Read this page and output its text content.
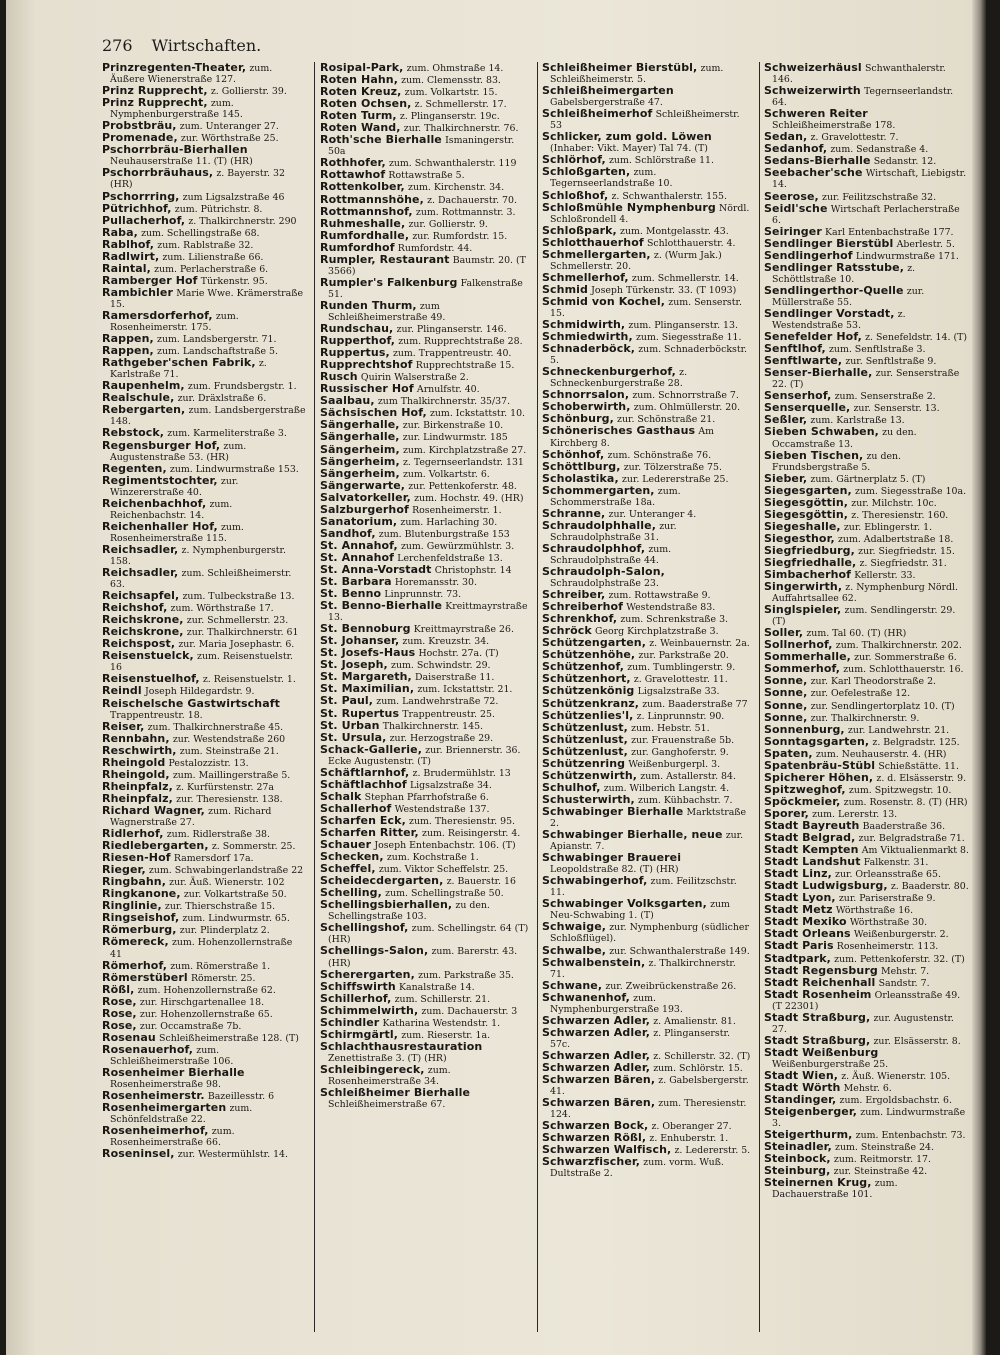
276 Wirtschaften.
Prinzregenten-Theater, zum. Äußere Wienerstraße 127.
Prinz Rupprecht, z. Gollierstr. 39.
Prinz Rupprecht, zum. Nymphenburgerstraße 145.
Probstbräu, zum. Unteranger 27.
Promenade, zur. Wörthstraße 25.
Pschorrbräu-Bierhallen Neuhauserstraße 11. (T) (HR)
Pschorrbräuhaus, z. Bayerstr. 32 (HR)
Pschorrring, zum Ligsalzstraße 46
Pütrichhof, zum. Pütrichstr. 8.
Pullacherhof, z. Thalkirchnerstr. 290
Raba, zum. Schellingstraße 68.
Rablhof, zum. Rablstraße 32.
Radlwirt, zum. Lilienstraße 66.
Raintal, zum. Perlacherstraße 6.
Ramberger Hof Türkenstr. 95.
Rambichler Marie Wwe. Krämerstraße 15.
Ramersdorferhof, zum. Rosenheimerstr. 175.
Rappen, zum. Landsbergerstr. 71.
Rappen, zum. Landschaftstraße 5.
Rathgeber'schen Fabrik, z. Karlstraße 71.
Raupenhelm, zum. Frundsbergstr. 1.
Realschule, zur. Dräxlstraße 6.
Rebergarten, zum. Landsbergerstraße 148.
Rebstock, zum. Karmeliterstraße 3.
Regensburger Hof, zum. Augustenstraße 53. (HR)
Regenten, zum. Lindwurmstraße 153.
Regimentstochter, zur. Winzererstraße 40.
Reichenbachhof, zum. Reichenbachstr. 14.
Reichenhaller Hof, zum. Rosenheimerstraße 115.
Reichsadler, z. Nymphenburgerstr. 158.
Reichsadler, zum. Schleißheimerstr. 63.
Reichsapfel, zum. Tulbeckstraße 13.
Reichshof, zum. Wörthstraße 17.
Reichskrone, zur. Schmellerstr. 23.
Reichskrone, zur. Thalkirchnerstr. 61
Reichspost, zur. Maria Josephastr. 6.
Reisenstuelck, zum. Reisenstuelstr. 16
Reisenstuelhof, z. Reisenstuelstr. 1.
Reindl Joseph Hildegardstr. 9.
Reischelsche Gastwirtschaft Trappentreustr. 18.
Reiser, zum. Thalkirchnerstraße 45.
Rennbahn, zur. Westendstraße 260
Reschwirth, zum. Steinstraße 21.
Rheingold Pestalozzistr. 13.
Rheingold, zum. Maillingerstraße 5.
Rheinpfalz, z. Kurfürstenstr. 27a
Rheinpfalz, zur. Theresienstr. 138.
Richard Wagner, zum. Richard Wagnerstraße 27.
Ridlerhof, zum. Ridlerstraße 38.
Riedlebergarten, z. Sommerstr. 25.
Riesen-Hof Ramersdorf 17a.
Rieger, zum. Schwabingerlandstraße 22
Ringbahn, zur. Äuß. Wienerstr. 102
Ringkanone, zur. Volkartstraße 50.
Ringlinie, zur. Thierschstraße 15.
Ringseishof, zum. Lindwurmstr. 65.
Römerburg, zur. Plinderplatz 2.
Römereck, zum. Hohenzollernstraße 41
Römerhof, zum. Römerstraße 1.
Römerstüberl Römerstr. 25.
Rößl, zum. Hohenzollernstraße 62.
Rose, zur. Hirschgartenallee 18.
Rose, zur. Hohenzollernstraße 65.
Rose, zur. Occamstraße 7b.
Rosenau Schleißheimerstraße 128. (T)
Rosenauerhof, zum. Schleißheimerstraße 106.
Rosenheimer Bierhalle Rosenheimerstraße 98.
Rosenheimerstr. Bazeillesstr. 6
Rosenheimergarten zum. Schönfeldstraße 22.
Rosenheimerhof, zum. Rosenheimerstraße 66.
Roseninsel, zur. Westermühlstr. 14.
Rosipal-Park, zum. Ohmstraße 14.
Roten Hahn, zum. Clemensstr. 83.
Roten Kreuz, zum. Volkartstr. 15.
Roten Ochsen, z. Schmellerstr. 17.
Roten Turm, z. Plinganserstr. 19c.
Roten Wand, zur. Thalkirchnerstr. 76.
Roth'sche Bierhalle Ismaningerstr. 50a
Rothhofer, zum. Schwanthalerstr. 119
Rottawhof Rottawstraße 5.
Rottenkolber, zum. Kirchenstr. 34.
Rottmannshöhe, z. Dachauerstr. 70.
Rottmannshof, zum. Rottmannstr. 3.
Ruhmeshalle, zur. Gollierstr. 9.
Rumfordhalle, zur. Rumfordstr. 15.
Rumfordhof Rumfordstr. 44.
Rumpler, Restaurant Baumstr. 20. (T 3566)
Rumpler's Falkenburg Falkenstraße 51.
Runden Thurm, zum Schleißheimerstraße 49.
Rundschau, zur. Plinganserstr. 146.
Rupperthof, zum. Rupprechtstraße 28.
Ruppertus, zum. Trappentreustr. 40.
Rupprechtshof Rupprechtstraße 15.
Rusch Quirin Walserstraße 2.
Russischer Hof Arnulfstr. 40.
Saalbau, zum Thalkirchnerstr. 35/37.
Sächsischen Hof, zum. Ickstattstr. 10.
Sängerhalle, zur. Birkenstraße 10.
Sängerhalle, zur. Lindwurmstr. 185
Sängerheim, zum. Kirchplatzstraße 27.
Sängerheim, z. Tegernseerlandstr. 131
Sängerheim, zum. Volkartstr. 6.
Sängerwarte, zur. Pettenkoferstr. 48.
Salvatorkeller, zum. Hochstr. 49. (HR)
Salzburgerhof Rosenheimerstr. 1.
Sanatorium, zum. Harlaching 30.
Sandhof, zum. Blutenburgstraße 153
St. Annahof, zum. Gewürzmühlstr. 3.
St. Annahof Lerchenfeldstraße 13.
St. Anna-Vorstadt Christophstr. 14
St. Barbara Horemansstr. 30.
St. Benno Linprunnstr. 73.
St. Benno-Bierhalle Kreittmayrstraße 13.
St. Bennoburg Kreittmayrstraße 26.
St. Johanser, zum. Kreuzstr. 34.
St. Josefs-Haus Hochstr. 27a. (T)
St. Joseph, zum. Schwindstr. 29.
St. Margareth, Daiserstraße 11.
St. Maximilian, zum. Ickstattstr. 21.
St. Paul, zum. Landwehrstraße 72.
St. Rupertus Trappentreustr. 25.
St. Urban Thalkirchnerstr. 145.
St. Ursula, zur. Herzogstraße 29.
Schack-Gallerie, zur. Briennerstr. 36. Ecke Augustenstr. (T)
Schäftlarnhof, z. Brudermühlstr. 13
Schäftlachhof Ligsalzstraße 34.
Schalk Stephan Pfarrhofstraße 6.
Schallerhof Westendstraße 137.
Scharfen Eck, zum. Theresienstr. 95.
Scharfen Ritter, zum. Reisingerstr. 4.
Schauer Joseph Entenbachstr. 106. (T)
Schecken, zum. Kochstraße 1.
Scheffel, zum. Viktor Scheffelstr. 25.
Scheidecdergarten, z. Bauerstr. 16
Schelling, zum. Schellingstraße 50.
Schellingsbierhallen, zu den. Schellingstraße 103.
Schellingshof, zum. Schellingstr. 64 (T) (HR)
Schellings-Salon, zum. Barerstr. 43. (HR)
Scherergarten, zum. Parkstraße 35.
Schiffswirth Kanalstraße 14.
Schillerhof, zum. Schillerstr. 21.
Schimmelwirth, zum. Dachauerstr. 3
Schindler Katharina Westendstr. 1.
Schirmgärtl, zum. Rieserstr. 1a.
Schlachthausrestauration Zenettistraße 3. (T) (HR)
Schleibingereck, zum. Rosenheimerstraße 34.
Schleißheimer Bierhalle Schleißheimerstraße 67.
Schleißheimer Bierstübl, zum. Schleißheimerstr. 5.
Schleißheimergarten Gabelsbergerstraße 47.
Schleißheimerhof Schleißheimerstr. 53
Schlicker, zum gold. Löwen (Inhaber: Vikt. Mayer) Tal 74. (T)
Schlörhof, zum. Schlörstraße 11.
Schloßgarten, zum. Tegernseerlandstraße 10.
Schloßhof, z. Schwanthalerstr. 155.
Schloßmühle Nymphenburg Nördl. Schloßrondell 4.
Schloßpark, zum. Montgelasstr. 43.
Schlotthauerhof Schlotthauerstr. 4.
Schmellergarten, z. (Wurm Jak.) Schmellerstr. 20.
Schmellerhof, zum. Schmellerstr. 14.
Schmid Joseph Türkenstr. 33. (T 1093)
Schmid von Kochel, zum. Senserstr. 15.
Schmidwirth, zum. Plinganserstr. 13.
Schmiedwirth, zum. Siegesstraße 11.
Schnaderböck, zum. Schnaderböckstr. 5.
Schneckenburgerhof, z. Schneckenburgerstraße 28.
Schnorrsalon, zum. Schnorrstraße 7.
Schoberwirth, zum. Ohlmüllerstr. 20.
Schönburg, zur. Schönstraße 21.
Schönerisches Gasthaus Am Kirchberg 8.
Schönhof, zum. Schönstraße 76.
Schöttlburg, zur. Tölzerstraße 75.
Scholastika, zur. Ledererstraße 25.
Schommergarten, zum. Schommerstraße 18a.
Schranne, zur. Unteranger 4.
Schraudolphhalle, zur. Schraudolphstraße 31.
Schraudolphhof, zum. Schraudolphstraße 44.
Schraudolph-Salon, Schraudolphstraße 23.
Schreiber, zum. Rottawstraße 9.
Schreiberhof Westendstraße 83.
Schrenkhof, zum. Schrenkstraße 3.
Schröck Georg Kirchplatzstraße 3.
Schützengarten, z. Weinbauernstr. 2a.
Schützenhöhe, zur. Parkstraße 20.
Schützenhof, zum. Tumblingerstr. 9.
Schützenhort, z. Gravelottestr. 11.
Schützenkönig Ligsalzstraße 33.
Schützenkranz, zum. Baaderstraße 77
Schützenlies'l, z. Linprunnstr. 90.
Schützenlust, zum. Hebstr. 51.
Schützenlust, zur. Frauenstraße 5b.
Schützenlust, zur. Ganghoferstr. 9.
Schützenring Weißenburgerpl. 3.
Schützenwirth, zum. Astallerstr. 84.
Schulhof, zum. Wilberich Langstr. 4.
Schusterwirth, zum. Kühbachstr. 7.
Schwabinger Bierhalle Marktstraße 2.
Schwabinger Bierhalle, neue zur. Apianstr. 7.
Schwabinger Brauerei Leopoldstraße 82. (T) (HR)
Schwabingerhof, zum. Feilitzschstr. 11.
Schwabinger Volksgarten, zum Neu-Schwabing 1. (T)
Schwaige, zur. Nymphenburg (südlicher Schloßflügel).
Schwalbe, zur. Schwanthalerstraße 149.
Schwalbenstein, z. Thalkirchnerstr. 71.
Schwane, zur. Zweibrückenstraße 26.
Schwanenhof, zum. Nymphenburgerstraße 193.
Schwarzen Adler, z. Amalienstr. 81.
Schwarzen Adler, z. Plinganserstr. 57c.
Schwarzen Adler, z. Schillerstr. 32. (T)
Schwarzen Adler, zum. Schlörstr. 15.
Schwarzen Bären, z. Gabelsbergerstr. 41.
Schwarzen Bären, zum. Theresienstr. 124.
Schwarzen Bock, z. Oberanger 27.
Schwarzen Rößl, z. Enhuberstr. 1.
Schwarzen Walfisch, z. Ledererstr. 5.
Schwarzfischer, zum. vorm. Wuß. Dultstraße 2.
Schweizerhäusl Schwanthalerstr. 146.
Schweizerwirth Tegernseerlandstr. 64.
Schweren Reiter Schleißheimerstraße 178.
Sedan, z. Gravelottestr. 7.
Sedanhof, zum. Sedanstraße 4.
Sedans-Bierhalle Sedanstr. 12.
Seebacher'sche Wirtschaft, Liebigstr. 14.
Seerose, zur. Feilitzschstraße 32.
Seidl'sche Wirtschaft Perlacherstraße 6.
Seiringer Karl Entenbachstraße 177.
Sendlinger Bierstübl Aberlestr. 5.
Sendlingerhof Lindwurmstraße 171.
Sendlinger Ratsstube, z. Schöttlstraße 10.
Sendlingerthor-Quelle zur. Müllerstraße 55.
Sendlinger Vorstadt, z. Westendstraße 53.
Senefelder Hof, z. Senefeldstr. 14. (T)
Senftlhof, zum. Senftlstraße 3.
Senftlwarte, zur. Senftlstraße 9.
Senser-Bierhalle, zur. Senserstraße 22. (T)
Senserhof, zum. Senserstraße 2.
Senserquelle, zur. Senserstr. 13.
Seßler, zum. Karlstraße 13.
Sieben Schwaben, zu den. Occamstraße 13.
Sieben Tischen, zu den. Frundsbergstraße 5.
Sieber, zum. Gärtnerplatz 5. (T)
Siegesgarten, zum. Siegesstraße 10a.
Siegesgöttin, zur. Milchstr. 10c.
Siegesgöttin, z. Theresienstr. 160.
Siegeshalle, zur. Eblingerstr. 1.
Siegesthor, zum. Adalbertstraße 18.
Siegfriedburg, zur. Siegfriedstr. 15.
Siegfriedhalle, z. Siegfriedstr. 31.
Simbacherhof Kellerstr. 33.
Singerwirth, z. Nymphenburg Nördl. Auffahrtsallee 62.
Singlspieler, zum. Sendlingerstr. 29. (T)
Soller, zum. Tal 60. (T) (HR)
Sollnerhof, zum. Thalkirchnerstr. 202.
Sommerhalle, zur. Sommerstraße 6.
Sommerhof, zum. Schlotthauerstr. 16.
Sonne, zur. Karl Theodorstraße 2.
Sonne, zur. Oefelestraße 12.
Sonne, zur. Sendlingertorplatz 10. (T)
Sonne, zur. Thalkirchnerstr. 9.
Sonnenburg, zur. Landwehrstr. 21.
Sonntagsgarten, z. Belgradstr. 125.
Spaten, zum. Neuhauserstr. 4. (HR)
Spatenbräu-Stübl Schießstätte. 11.
Spicherer Höhen, z. d. Elsässerstr. 9.
Spitzweghof, zum. Spitzwegstr. 10.
Spöckmeier, zum. Rosenstr. 8. (T) (HR)
Sporer, zum. Lererstr. 13.
Stadt Bayreuth Baaderstraße 36.
Stadt Belgrad, zur. Belgradstraße 71.
Stadt Kempten Am Viktualienmarkt 8.
Stadt Landshut Falkenstr. 31.
Stadt Linz, zur. Orleansstraße 65.
Stadt Ludwigsburg, z. Baaderstr. 80.
Stadt Lyon, zur. Pariserstraße 9.
Stadt Metz Wörthstraße 16.
Stadt Mexiko Wörthstraße 30.
Stadt Orleans Weißenburgerstr. 2.
Stadt Paris Rosenheimerstr. 113.
Stadtpark, zum. Pettenkoferstr. 32. (T)
Stadt Regensburg Mehstr. 7.
Stadt Reichenhall Sandstr. 7.
Stadt Rosenheim Orleansstraße 49. (T 22301)
Stadt Straßburg, zur. Augustenstr. 27.
Stadt Straßburg, zur. Elsässerstr. 8.
Stadt Weißenburg Weißenburgerstraße 25.
Stadt Wien, z. Äuß. Wienerstr. 105.
Stadt Wörth Mehstr. 6.
Standinger, zum. Ergoldsbachstr. 6.
Steigenberger, zum. Lindwurmstraße 3.
Steigerthurm, zum. Entenbachstr. 73.
Steinadler, zum. Steinstraße 24.
Steinbock, zum. Reitmorstr. 17.
Steinburg, zur. Steinstraße 42.
Steinernen Krug, zum. Dachauerstraße 101.
